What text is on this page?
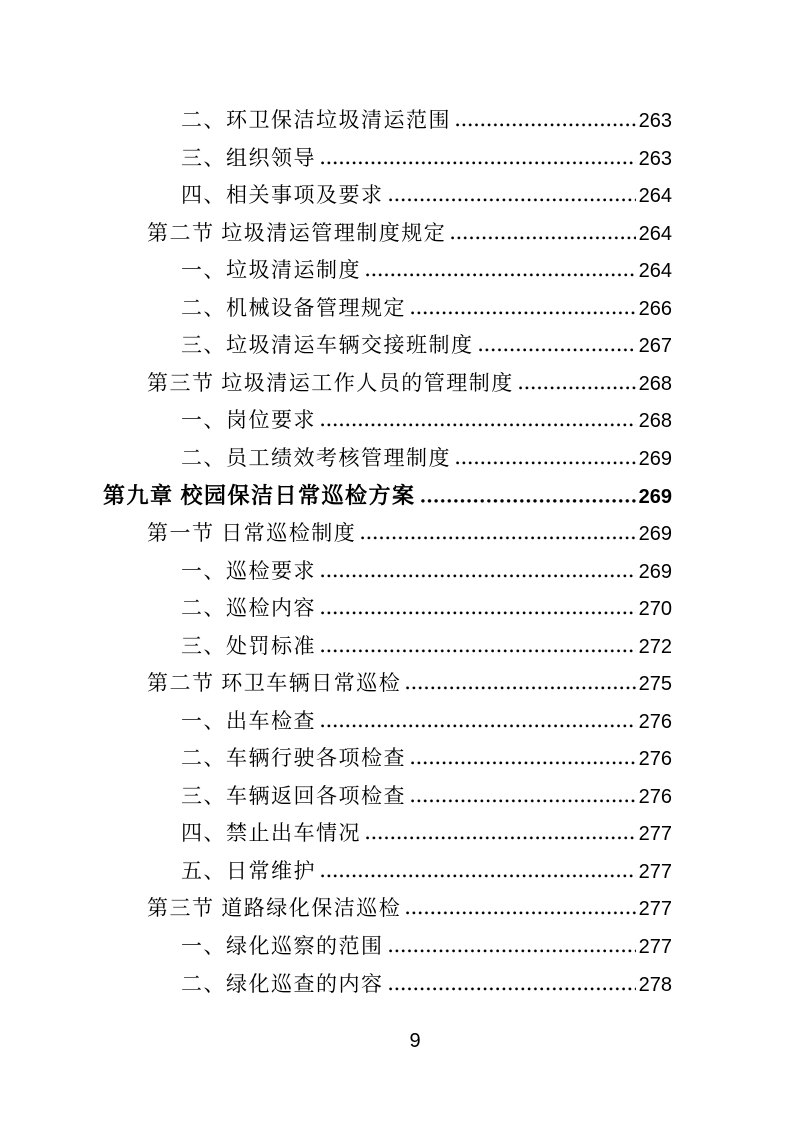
二、环卫保洁垃圾清运范围	263
三、组织领导	263
四、相关事项及要求	264
第二节 垃圾清运管理制度规定	264
一、垃圾清运制度	264
二、机械设备管理规定	266
三、垃圾清运车辆交接班制度	267
第三节 垃圾清运工作人员的管理制度	268
一、岗位要求	268
二、员工绩效考核管理制度	269
第九章 校园保洁日常巡检方案	269
第一节 日常巡检制度	269
一、巡检要求	269
二、巡检内容	270
三、处罚标准	272
第二节 环卫车辆日常巡检	275
一、出车检查	276
二、车辆行驶各项检查	276
三、车辆返回各项检查	276
四、禁止出车情况	277
五、日常维护	277
第三节 道路绿化保洁巡检	277
一、绿化巡察的范围	277
二、绿化巡查的内容	278
9
